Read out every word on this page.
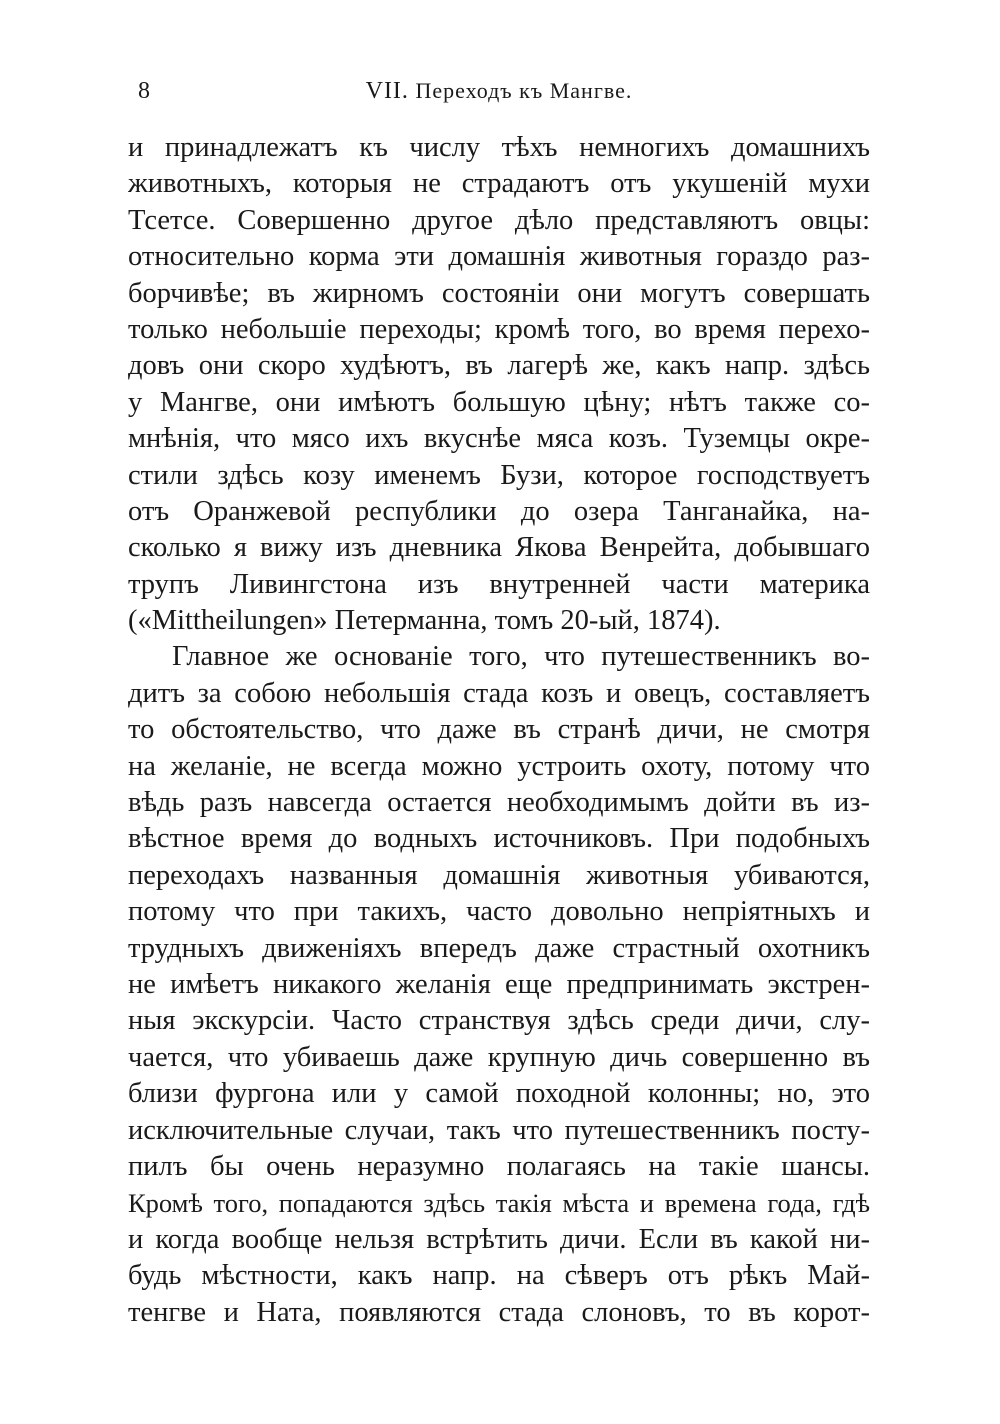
8	VII. Переходъ къ Мангве.
и принадлежатъ къ числу тѣхъ немногихъ домашнихъ
животныхъ, которыя не страдаютъ отъ укушеній мухи
Тсетсе. Совершенно другое дѣло представляютъ овцы:
относительно корма эти домашнія животныя гораздо раз-
борчивѣе; въ жирномъ состояніи они могутъ совершать
только небольшіе переходы; кромѣ того, во время перехо-
довъ они скоро худѣютъ, въ лагерѣ же, какъ напр. здѣсь
у Мангве, они имѣютъ большую цѣну; нѣтъ также со-
мнѣнія, что мясо ихъ вкуснѣе мяса козъ. Туземцы окре-
стили здѣсь козу именемъ Бузи, которое господствуетъ
отъ Оранжевой республики до озера Танганайка, на-
сколько я вижу изъ дневника Якова Венрейта, добывшаго
трупъ Ливингстона изъ внутренней части материка
(«Mittheilungen» Петерманна, томъ 20-ый, 1874).
Главное же основаніе того, что путешественникъ во-
дитъ за собою небольшія стада козъ и овецъ, составляетъ
то обстоятельство, что даже въ странѣ дичи, не смотря
на желаніе, не всегда можно устроить охоту, потому что
вѣдь разъ навсегда остается необходимымъ дойти въ из-
вѣстное время до водныхъ источниковъ. При подобныхъ
переходахъ названныя домашнія животныя убиваются,
потому что при такихъ, часто довольно непріятныхъ и
трудныхъ движеніяхъ впередъ даже страстный охотникъ
не имѣетъ никакого желанія еще предпринимать экстрен-
ныя экскурсіи. Часто странствуя здѣсь среди дичи, слу-
чается, что убиваешь даже крупную дичь совершенно въ
близи фургона или у самой походной колонны; но, это
исключительные случаи, такъ что путешественникъ посту-
пилъ бы очень неразумно полагаясь на такіе шансы.
Кромѣ того, попадаются здѣсь такія мѣста и времена года, гдѣ
и когда вообще нельзя встрѣтить дичи. Если въ какой ни-
будь мѣстности, какъ напр. на сѣверъ отъ рѣкъ Май-
тенгве и Ната, появляются стада слоновъ, то въ корот-
